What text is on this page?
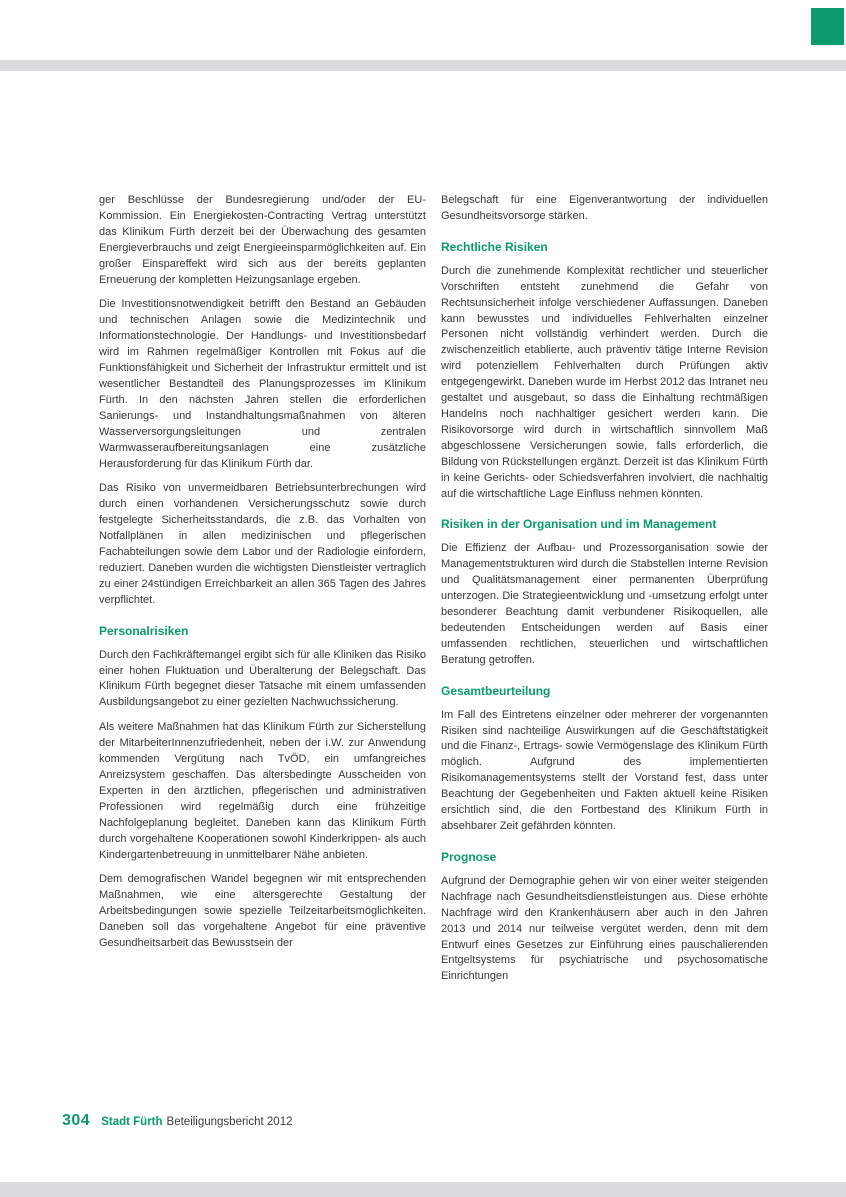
ger Beschlüsse der Bundesregierung und/oder der EU-Kommission. Ein Energiekosten-Contracting Vertrag unterstützt das Klinikum Fürth derzeit bei der Überwachung des gesamten Energieverbrauchs und zeigt Energieeinsparmöglichkeiten auf. Ein großer Einspareffekt wird sich aus der bereits geplanten Erneuerung der kompletten Heizungsanlage ergeben.

Die Investitionsnotwendigkeit betrifft den Bestand an Gebäuden und technischen Anlagen sowie die Medizintechnik und Informationstechnologie. Der Handlungs- und Investitionsbedarf wird im Rahmen regelmäßiger Kontrollen mit Fokus auf die Funktionsfähigkeit und Sicherheit der Infrastruktur ermittelt und ist wesentlicher Bestandteil des Planungsprozesses im Klinikum Fürth. In den nächsten Jahren stellen die erforderlichen Sanierungs- und Instandhaltungsmaßnahmen von älteren Wasserversorgungsleitungen und zentralen Warmwasseraufbereitungsanlagen eine zusätzliche Herausforderung für das Klinikum Fürth dar.

Das Risiko von unvermeidbaren Betriebsunterbrechungen wird durch einen vorhandenen Versicherungsschutz sowie durch festgelegte Sicherheitsstandards, die z.B. das Vorhalten von Notfallplänen in allen medizinischen und pflegerischen Fachabteilungen sowie dem Labor und der Radiologie einfordern, reduziert. Daneben wurden die wichtigsten Dienstleister vertraglich zu einer 24stündigen Erreichbarkeit an allen 365 Tagen des Jahres verpflichtet.

Personalrisiken

Durch den Fachkräftemangel ergibt sich für alle Kliniken das Risiko einer hohen Fluktuation und Überalterung der Belegschaft. Das Klinikum Fürth begegnet dieser Tatsache mit einem umfassenden Ausbildungsangebot zu einer gezielten Nachwuchssicherung.

Als weitere Maßnahmen hat das Klinikum Fürth zur Sicherstellung der MitarbeiterInnenzufriedenheit, neben der i.W. zur Anwendung kommenden Vergütung nach TvÖD, ein umfangreiches Anreizsystem geschaffen. Das altersbedingte Ausscheiden von Experten in den ärztlichen, pflegerischen und administrativen Professionen wird regelmäßig durch eine frühzeitige Nachfolgeplanung begleitet. Daneben kann das Klinikum Fürth durch vorgehaltene Kooperationen sowohl Kinderkrippen- als auch Kindergartenbetreuung in unmittelbarer Nähe anbieten.

Dem demografischen Wandel begegnen wir mit entsprechenden Maßnahmen, wie eine altersgerechte Gestaltung der Arbeitsbedingungen sowie spezielle Teilzeitarbeitsmöglichkeiten. Daneben soll das vorgehaltene Angebot für eine präventive Gesundheitsarbeit das Bewusstsein der

Belegschaft für eine Eigenverantwortung der individuellen Gesundheitsvorsorge stärken.

Rechtliche Risiken

Durch die zunehmende Komplexität rechtlicher und steuerlicher Vorschriften entsteht zunehmend die Gefahr von Rechtsunsicherheit infolge verschiedener Auffassungen. Daneben kann bewusstes und individuelles Fehlverhalten einzelner Personen nicht vollständig verhindert werden. Durch die zwischenzeitlich etablierte, auch präventiv tätige Interne Revision wird potenziellem Fehlverhalten durch Prüfungen aktiv entgegengewirkt. Daneben wurde im Herbst 2012 das Intranet neu gestaltet und ausgebaut, so dass die Einhaltung rechtmäßigen Handelns noch nachhaltiger gesichert werden kann. Die Risikovorsorge wird durch in wirtschaftlich sinnvollem Maß abgeschlossene Versicherungen sowie, falls erforderlich, die Bildung von Rückstellungen ergänzt. Derzeit ist das Klinikum Fürth in keine Gerichts- oder Schiedsverfahren involviert, die nachhaltig auf die wirtschaftliche Lage Einfluss nehmen könnten.

Risiken in der Organisation und im Management

Die Effizienz der Aufbau- und Prozessorganisation sowie der Managementstrukturen wird durch die Stabstellen Interne Revision und Qualitätsmanagement einer permanenten Überprüfung unterzogen. Die Strategieentwicklung und -umsetzung erfolgt unter besonderer Beachtung damit verbundener Risikoquellen, alle bedeutenden Entscheidungen werden auf Basis einer umfassenden rechtlichen, steuerlichen und wirtschaftlichen Beratung getroffen.

Gesamtbeurteilung

Im Fall des Eintretens einzelner oder mehrerer der vorgenannten Risiken sind nachteilige Auswirkungen auf die Geschäftstätigkeit und die Finanz-, Ertrags- sowie Vermögenslage des Klinikum Fürth möglich. Aufgrund des implementierten Risikomanagementsystems stellt der Vorstand fest, dass unter Beachtung der Gegebenheiten und Fakten aktuell keine Risiken ersichtlich sind, die den Fortbestand des Klinikum Fürth in absehbarer Zeit gefährden könnten.

Prognose

Aufgrund der Demographie gehen wir von einer weiter steigenden Nachfrage nach Gesundheitsdienstleistungen aus. Diese erhöhte Nachfrage wird den Krankenhäusern aber auch in den Jahren 2013 und 2014 nur teilweise vergütet werden, denn mit dem Entwurf eines Gesetzes zur Einführung eines pauschalierenden Entgeltsystems für psychiatrische und psychosomatische Einrichtungen

304 Stadt Fürth Beteiligungsbericht 2012
